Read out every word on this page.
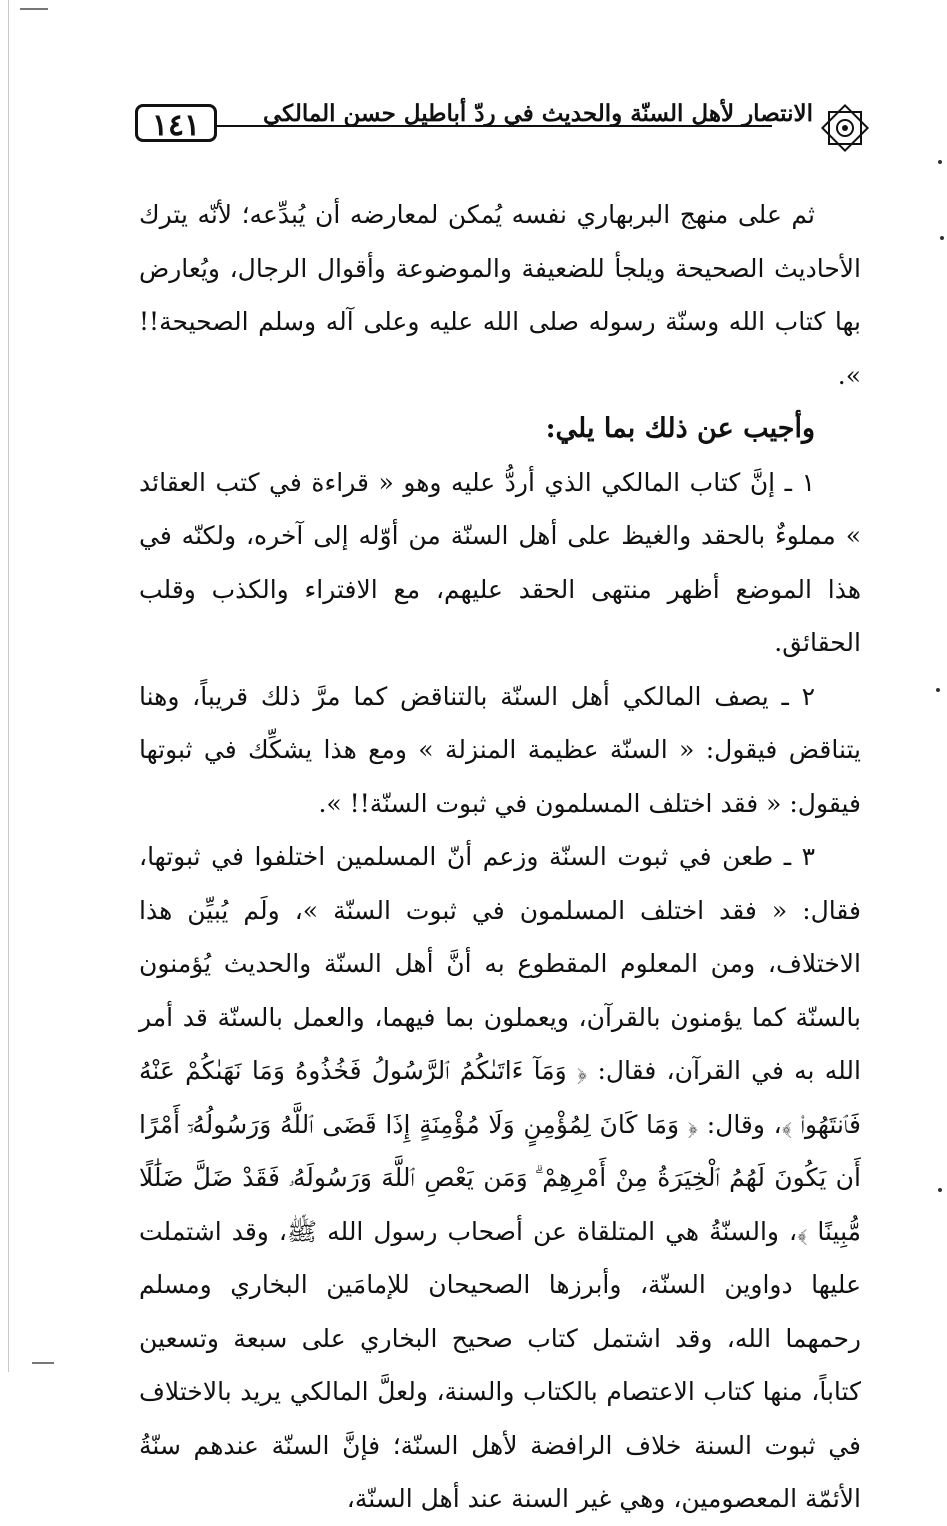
١٤١	الانتصار لأهل السنّة والحديث في ردّ أباطيل حسن المالكي

ثم على منهج البربهاري نفسه يُمكن لمعارضه أن يُبدِّعه؛ لأنّه يترك الأحاديث الصحيحة ويلجأ للضعيفة والموضوعة وأقوال الرجال، ويُعارض بها كتاب الله وسنّة رسوله صلى الله عليه وعلى آله وسلم الصحيحة!! ».

وأجيب عن ذلك بما يلي:

١ ـ إنَّ كتاب المالكي الذي أردُّ عليه وهو « قراءة في كتب العقائد » مملوءٌ بالحقد والغيظ على أهل السنّة من أوّله إلى آخره، ولكنّه في هذا الموضع أظهر منتهى الحقد عليهم، مع الافتراء والكذب وقلب الحقائق.

٢ ـ يصف المالكي أهل السنّة بالتناقض كما مرَّ ذلك قريباً، وهنا يتناقض فيقول: « السنّة عظيمة المنزلة » ومع هذا يشكِّك في ثبوتها فيقول: « فقد اختلف المسلمون في ثبوت السنّة!! ».

٣ ـ طعن في ثبوت السنّة وزعم أنّ المسلمين اختلفوا في ثبوتها، فقال: « فقد اختلف المسلمون في ثبوت السنّة »، ولَم يُبيِّن هذا الاختلاف، ومن المعلوم المقطوع به أنَّ أهل السنّة والحديث يُؤمنون بالسنّة كما يؤمنون بالقرآن، ويعملون بما فيهما، والعمل بالسنّة قد أمر الله به في القرآن، فقال: ﴿ وَمَآ ءَاتَىٰكُمُ ٱلرَّسُولُ فَخُذُوهُ وَمَا نَهَىٰكُمْ عَنْهُ فَٱنتَهُوا۟ ﴾، وقال: ﴿ وَمَا كَانَ لِمُؤْمِنٍ وَلَا مُؤْمِنَةٍ إِذَا قَضَى ٱللَّهُ وَرَسُولُهُۥٓ أَمْرًا أَن يَكُونَ لَهُمُ ٱلْخِيَرَةُ مِنْ أَمْرِهِمْ ۗ وَمَن يَعْصِ ٱللَّهَ وَرَسُولَهُۥ فَقَدْ ضَلَّ ضَلَٰلًا مُّبِينًا ﴾، والسنّةُ هي المتلقاة عن أصحاب رسول الله ﷺ، وقد اشتملت عليها دواوين السنّة، وأبرزها الصحيحان للإمامَين البخاري ومسلم رحمهما الله، وقد اشتمل كتاب صحيح البخاري على سبعة وتسعين كتاباً، منها كتاب الاعتصام بالكتاب والسنة، ولعلَّ المالكي يريد بالاختلاف في ثبوت السنة خلاف الرافضة لأهل السنّة؛ فإنَّ السنّة عندهم سنّةُ الأئمّة المعصومين، وهي غير السنة عند أهل السنّة،
